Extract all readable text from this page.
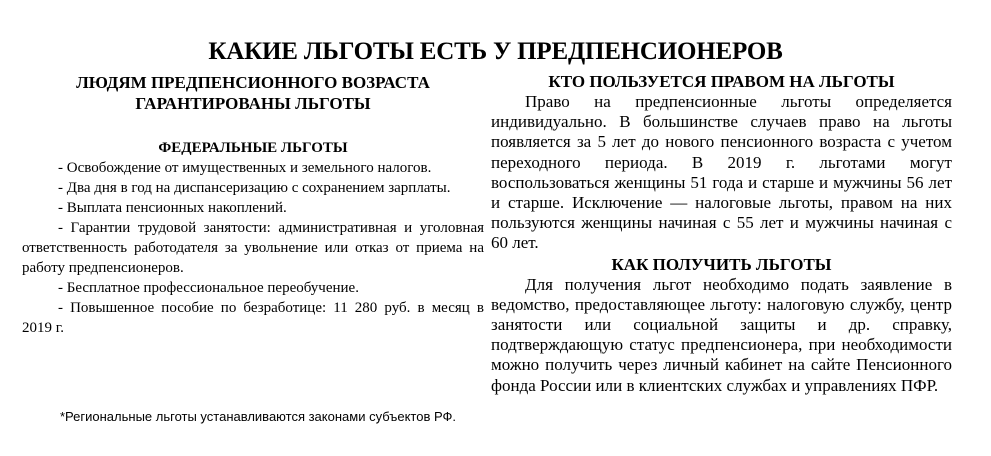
КАКИЕ ЛЬГОТЫ ЕСТЬ У ПРЕДПЕНСИОНЕРОВ
ЛЮДЯМ ПРЕДПЕНСИОННОГО ВОЗРАСТА
ГАРАНТИРОВАНЫ ЛЬГОТЫ
ФЕДЕРАЛЬНЫЕ ЛЬГОТЫ

- Освобождение от имущественных и земельного налогов.

- Два дня в год на диспансеризацию с сохранением зарплаты.

- Выплата пенсионных накоплений.

- Гарантии трудовой занятости: административная и уголовная ответственность работодателя за увольнение или отказ от приема на работу предпенсионеров.

- Бесплатное профессиональное переобучение.

- Повышенное пособие по безработице: 11 280 руб. в месяц в 2019 г.

*Региональные льготы устанавливаются законами субъектов РФ.
КТО ПОЛЬЗУЕТСЯ ПРАВОМ НА ЛЬГОТЫ

Право на предпенсионные льготы определяется индивидуально. В большинстве случаев право на льготы появляется за 5 лет до нового пенсионного возраста с учетом переходного периода. В 2019 г. льготами могут воспользоваться женщины 51 года и старше и мужчины 56 лет и старше. Исключение — налоговые льготы, правом на них пользуются женщины начиная с 55 лет и мужчины начиная с 60 лет.

КАК ПОЛУЧИТЬ ЛЬГОТЫ

Для получения льгот необходимо подать заявление в ведомство, предоставляющее льготу: налоговую службу, центр занятости или социальной защиты и др. справку, подтверждающую статус предпенсионера, при необходимости можно получить через личный кабинет на сайте Пенсионного фонда России или в клиентских службах и управлениях ПФР.
